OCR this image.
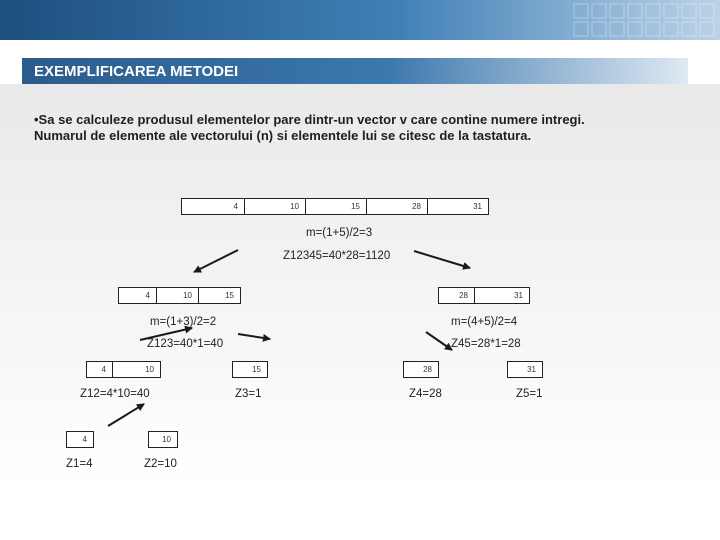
EXEMPLIFICAREA METODEI

•Sa se calculeze produsul elementelor pare dintr-un vector v care contine numere intregi.
Numarul de elemente ale vectorului (n) si elementele lui se citesc de la tastatura.

4	10	15	28	31
m=(1+5)/2=3
Z12345=40*28=1120
4	10	15	28	31
m=(1+3)/2=2	m=(4+5)/2=4
Z123=40*1=40	Z45=28*1=28
4	10	15	28	31
Z12=4*10=40	Z3=1	Z4=28	Z5=1
4	10
Z1=4	Z2=10
